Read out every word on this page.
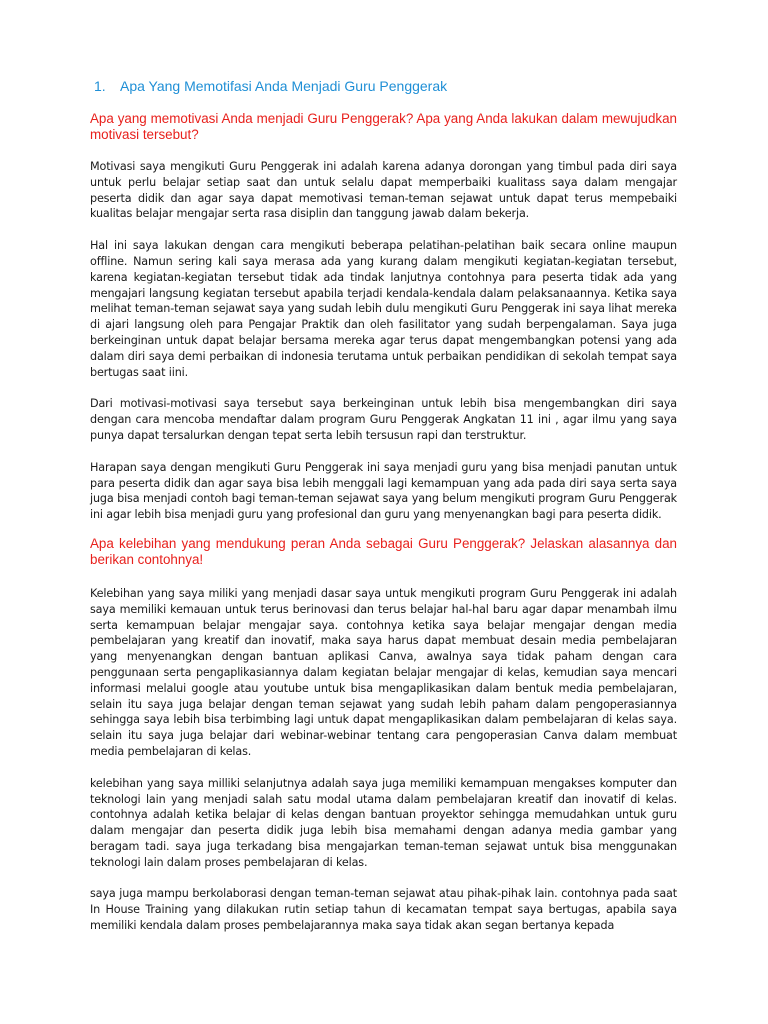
1. Apa Yang Memotifasi Anda Menjadi Guru Penggerak

Apa yang memotivasi Anda menjadi Guru Penggerak? Apa yang Anda lakukan dalam mewujudkan motivasi tersebut?

Motivasi saya mengikuti Guru Penggerak ini adalah karena adanya dorongan yang timbul pada diri saya untuk perlu belajar setiap saat dan untuk selalu dapat memperbaiki kualitass saya dalam mengajar peserta didik dan agar saya dapat memotivasi teman-teman sejawat untuk dapat terus mempebaiki kualitas belajar mengajar serta rasa disiplin dan tanggung jawab dalam bekerja.

Hal ini saya lakukan dengan cara mengikuti beberapa pelatihan-pelatihan baik secara online maupun offline. Namun sering kali saya merasa ada yang kurang dalam mengikuti kegiatan-kegiatan tersebut, karena kegiatan-kegiatan tersebut tidak ada tindak lanjutnya contohnya para peserta tidak ada yang mengajari langsung kegiatan tersebut apabila terjadi kendala-kendala dalam pelaksanaannya. Ketika saya melihat teman-teman sejawat saya yang sudah lebih dulu mengikuti Guru Penggerak ini saya lihat mereka di ajari langsung oleh para Pengajar Praktik dan oleh fasilitator yang sudah berpengalaman. Saya juga berkeinginan untuk dapat belajar bersama mereka agar terus dapat mengembangkan potensi yang ada dalam diri saya demi perbaikan di indonesia terutama untuk perbaikan pendidikan di sekolah tempat saya bertugas saat iini.

Dari motivasi-motivasi saya tersebut saya berkeinginan untuk lebih bisa mengembangkan diri saya dengan cara mencoba mendaftar dalam program Guru Penggerak Angkatan 11 ini , agar ilmu yang saya punya dapat tersalurkan dengan tepat serta lebih tersusun rapi dan terstruktur.

Harapan saya dengan mengikuti Guru Penggerak ini saya menjadi guru yang bisa menjadi panutan untuk para peserta didik dan agar saya bisa lebih menggali lagi kemampuan yang ada pada diri saya serta saya juga bisa menjadi contoh bagi teman-teman sejawat saya yang belum mengikuti program Guru Penggerak ini agar lebih bisa menjadi guru yang profesional dan guru yang menyenangkan bagi para peserta didik.

Apa kelebihan yang mendukung peran Anda sebagai Guru Penggerak? Jelaskan alasannya dan berikan contohnya!

Kelebihan yang saya miliki yang menjadi dasar saya untuk mengikuti program Guru Penggerak ini adalah saya memiliki kemauan untuk terus berinovasi dan terus belajar hal-hal baru agar dapar menambah ilmu serta kemampuan belajar mengajar saya. contohnya ketika saya belajar mengajar dengan media pembelajaran yang kreatif dan inovatif, maka saya harus dapat membuat desain media pembelajaran yang menyenangkan dengan bantuan aplikasi Canva, awalnya saya tidak paham dengan cara penggunaan serta pengaplikasiannya dalam kegiatan belajar mengajar di kelas, kemudian saya mencari informasi melalui google atau youtube untuk bisa mengaplikasikan dalam bentuk media pembelajaran, selain itu saya juga belajar dengan teman sejawat yang sudah lebih paham dalam pengoperasiannya sehingga saya lebih bisa terbimbing lagi untuk dapat mengaplikasikan dalam pembelajaran di kelas saya. selain itu saya juga belajar dari webinar-webinar tentang cara pengoperasian Canva dalam membuat media pembelajaran di kelas.

kelebihan yang saya milliki selanjutnya adalah saya juga memiliki kemampuan mengakses komputer dan teknologi lain yang menjadi salah satu modal utama dalam pembelajaran kreatif dan inovatif di kelas. contohnya adalah ketika belajar di kelas dengan bantuan proyektor sehingga memudahkan untuk guru dalam mengajar dan peserta didik juga lebih bisa memahami dengan adanya media gambar yang beragam tadi. saya juga terkadang bisa mengajarkan teman-teman sejawat untuk bisa menggunakan teknologi lain dalam proses pembelajaran di kelas.

saya juga mampu berkolaborasi dengan teman-teman sejawat atau pihak-pihak lain. contohnya pada saat In House Training yang dilakukan rutin setiap tahun di kecamatan tempat saya bertugas, apabila saya memiliki kendala dalam proses pembelajarannya maka saya tidak akan segan bertanya kepada
